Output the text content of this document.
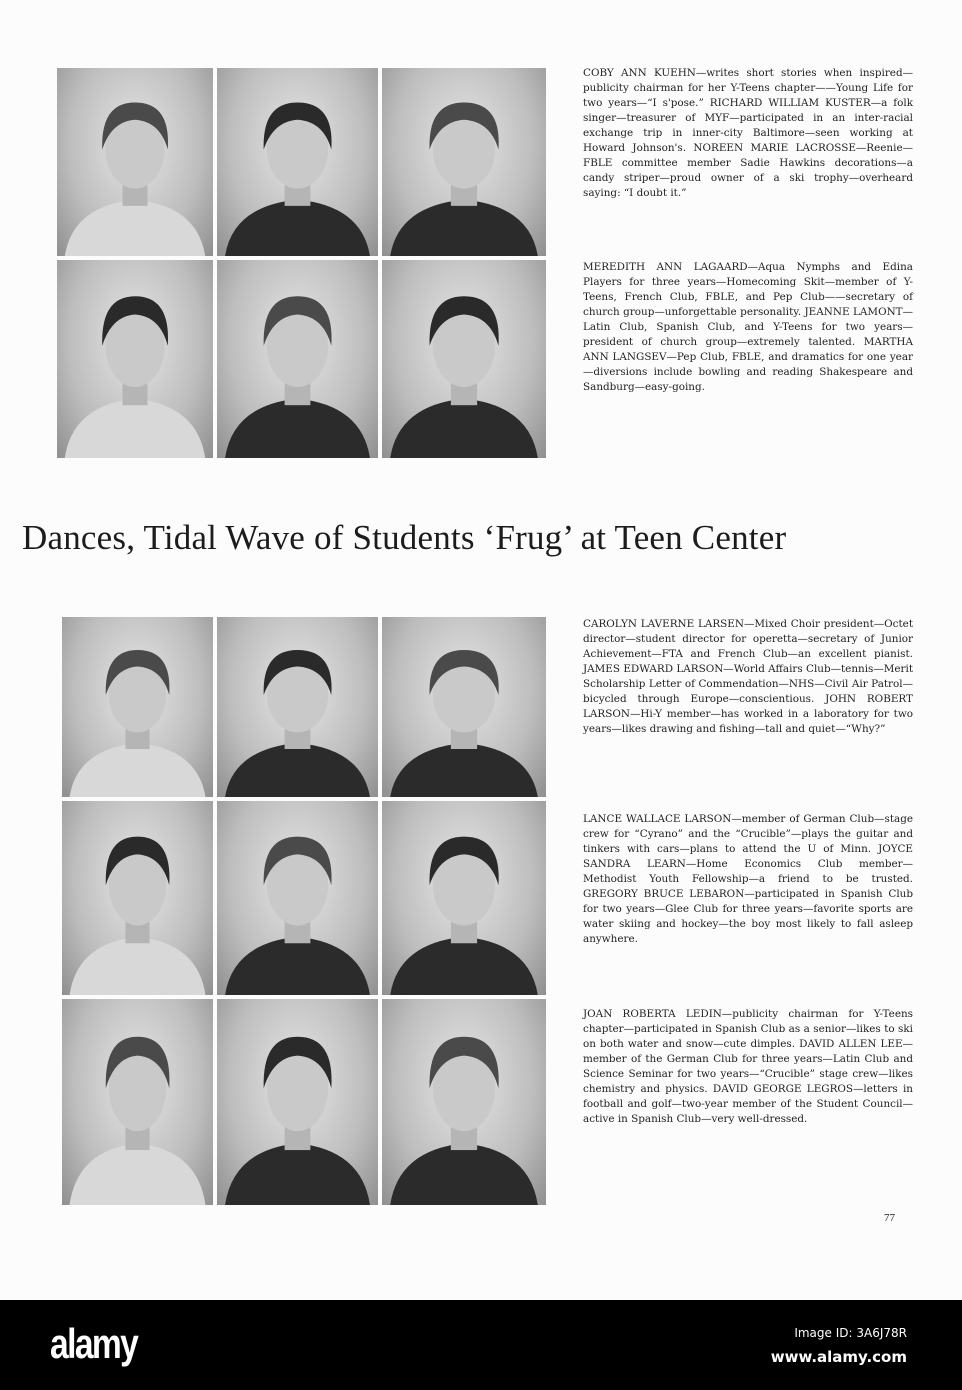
COBY ANN KUEHN—writes short stories when inspired—publicity chairman for her Y-Teens chapter——Young Life for two years—“I s'pose.” RICHARD WILLIAM KUSTER—a folk singer—treasurer of MYF—participated in an inter-racial exchange trip in inner-city Baltimore—seen working at Howard Johnson's. NOREEN MARIE LACROSSE—Reenie—FBLE committee member Sadie Hawkins decorations—a candy striper—proud owner of a ski trophy—overheard saying: “I doubt it.”
MEREDITH ANN LAGAARD—Aqua Nymphs and Edina Players for three years—Homecoming Skit—member of Y-Teens, French Club, FBLE, and Pep Club——secretary of church group—unforgettable personality. JEANNE LAMONT—Latin Club, Spanish Club, and Y-Teens for two years—president of church group—extremely talented. MARTHA ANN LANGSEV—Pep Club, FBLE, and dramatics for one year—diversions include bowling and reading Shakespeare and Sandburg—easy-going.
Dances, Tidal Wave of Students ‘Frug’ at Teen Center
CAROLYN LAVERNE LARSEN—Mixed Choir president—Octet director—student director for operetta—secretary of Junior Achievement—FTA and French Club—an excellent pianist. JAMES EDWARD LARSON—World Affairs Club—tennis—Merit Scholarship Letter of Commendation—NHS—Civil Air Patrol—bicycled through Europe—conscientious. JOHN ROBERT LARSON—Hi-Y member—has worked in a laboratory for two years—likes drawing and fishing—tall and quiet—“Why?”
LANCE WALLACE LARSON—member of German Club—stage crew for “Cyrano” and the “Crucible”—plays the guitar and tinkers with cars—plans to attend the U of Minn. JOYCE SANDRA LEARN—Home Economics Club member—Methodist Youth Fellowship—a friend to be trusted. GREGORY BRUCE LEBARON—participated in Spanish Club for two years—Glee Club for three years—favorite sports are water skiing and hockey—the boy most likely to fall asleep anywhere.
JOAN ROBERTA LEDIN—publicity chairman for Y-Teens chapter—participated in Spanish Club as a senior—likes to ski on both water and snow—cute dimples. DAVID ALLEN LEE—member of the German Club for three years—Latin Club and Science Seminar for two years—“Crucible” stage crew—likes chemistry and physics. DAVID GEORGE LEGROS—letters in football and golf—two-year member of the Student Council—active in Spanish Club—very well-dressed.
77
alamy	Image ID: 3A6J78R
www.alamy.com
